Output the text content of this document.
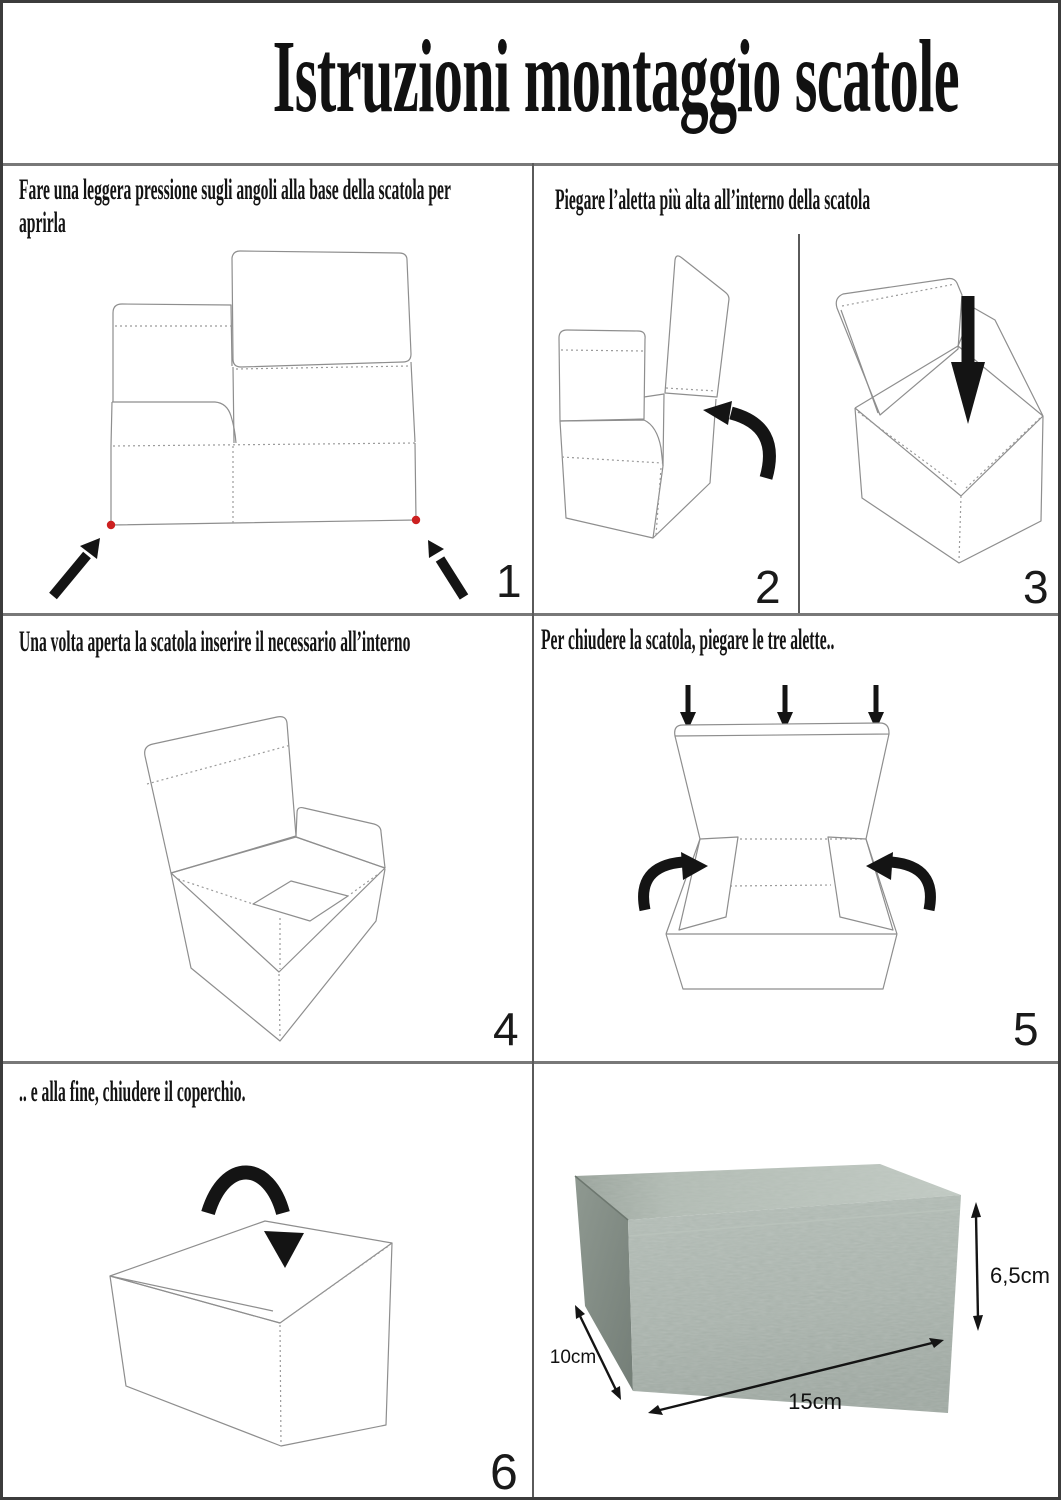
Istruzioni montaggio scatole
Fare una leggera pressione sugli angoli alla base della scatola per aprirla
Piegare l’aletta più alta all’interno della scatola
Una volta aperta la scatola inserire il necessario all’interno	Per chiudere la scatola, piegare le tre alette..
.. e alla fine, chiudere il coperchio.
1	2	3
4	5
6
6,5cm
10cm
15cm
